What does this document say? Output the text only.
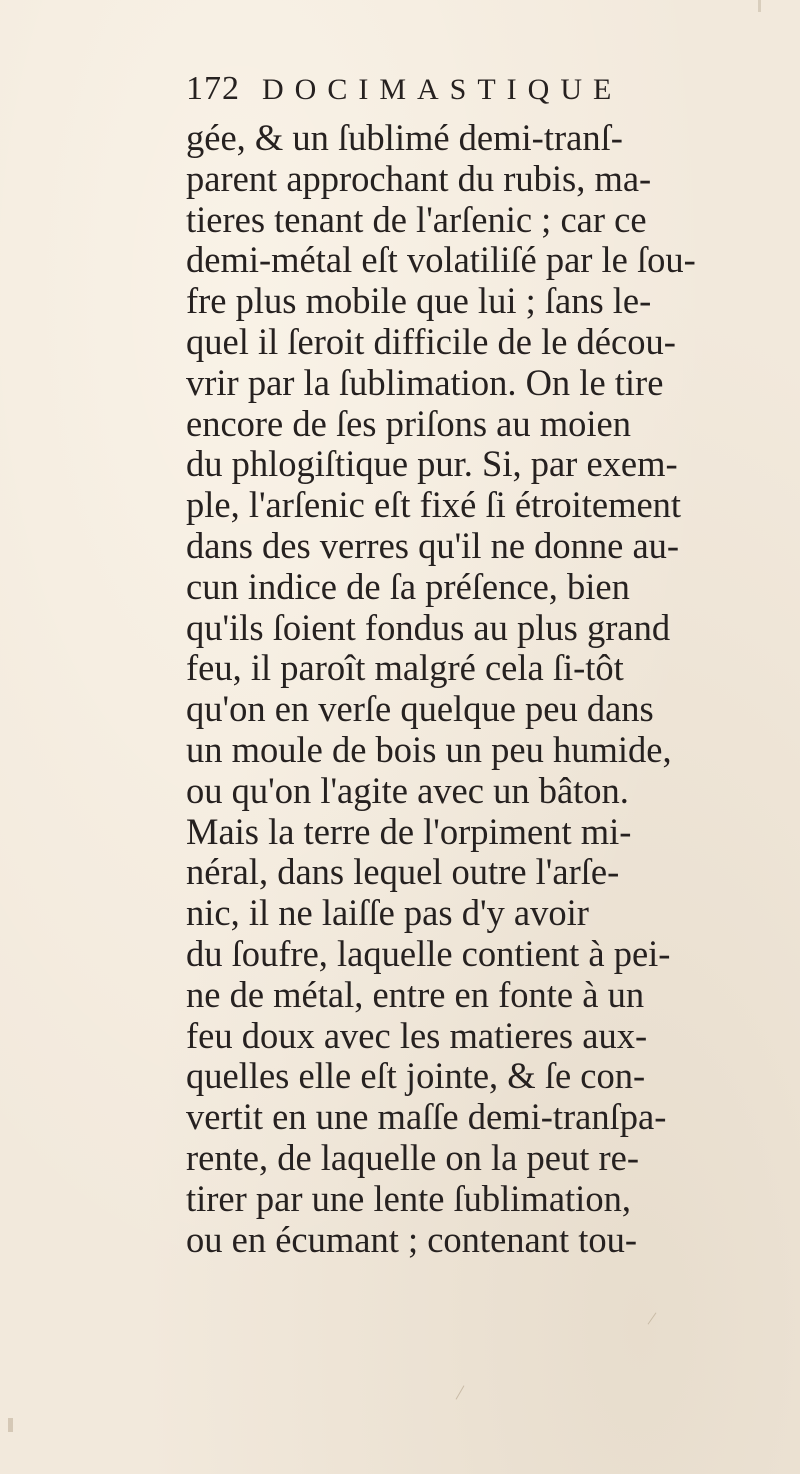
172 DOCIMASTIQUE
gée, & un ſublimé demi-tranſ-
parent approchant du rubis, ma-
tieres tenant de l'arſenic ; car ce
demi-métal eſt volatiliſé par le ſou-
fre plus mobile que lui ; ſans le-
quel il ſeroit difficile de le décou-
vrir par la ſublimation. On le tire
encore de ſes priſons au moien
du phlogiſtique pur. Si, par exem-
ple, l'arſenic eſt fixé ſi étroitement
dans des verres qu'il ne donne au-
cun indice de ſa préſence, bien
qu'ils ſoient fondus au plus grand
feu, il paroît malgré cela ſi-tôt
qu'on en verſe quelque peu dans
un moule de bois un peu humide,
ou qu'on l'agite avec un bâton.
Mais la terre de l'orpiment mi-
néral, dans lequel outre l'arſe-
nic, il ne laiſſe pas d'y avoir
du ſoufre, laquelle contient à pei-
ne de métal, entre en fonte à un
feu doux avec les matieres aux-
quelles elle eſt jointe, & ſe con-
vertit en une maſſe demi-tranſpa-
rente, de laquelle on la peut re-
tirer par une lente ſublimation,
ou en écumant ; contenant tou-
